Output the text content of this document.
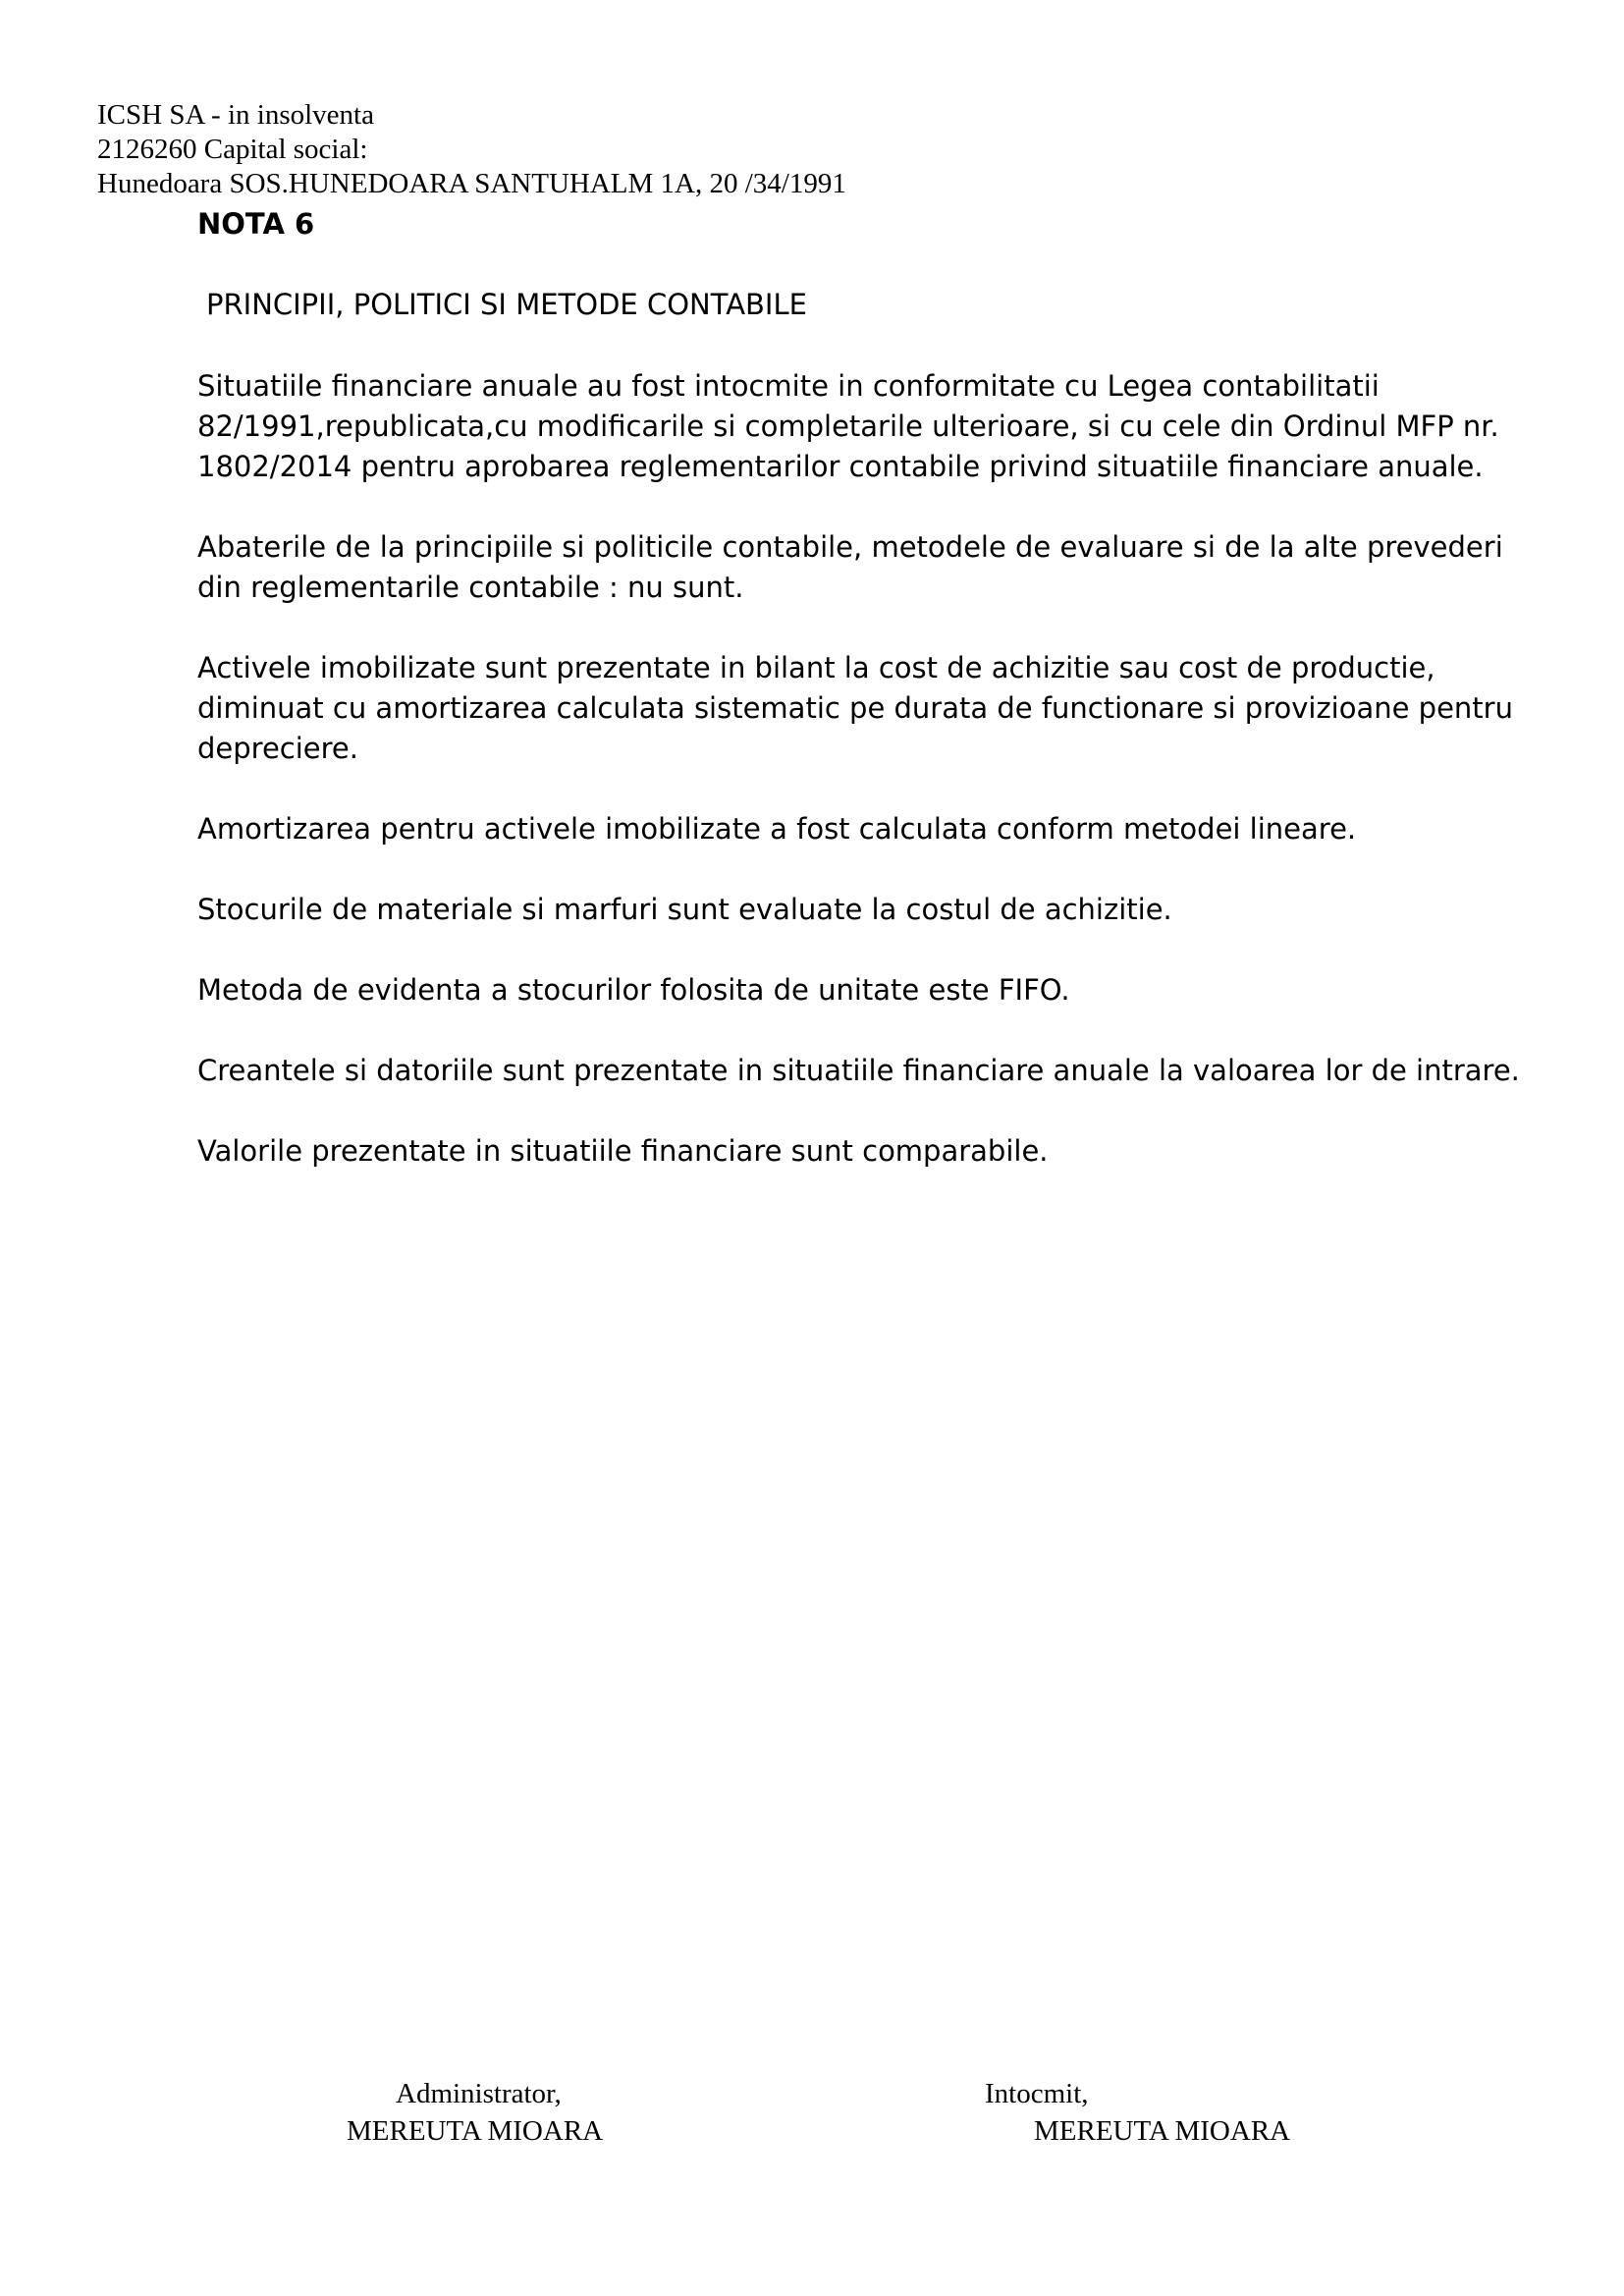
ICSH SA - in insolventa
2126260 Capital social:
Hunedoara SOS.HUNEDOARA SANTUHALM 1A, 20 /34/1991
NOTA 6
PRINCIPII, POLITICI SI METODE CONTABILE
Situatiile financiare anuale au fost intocmite in conformitate cu Legea contabilitatii
82/1991,republicata,cu modificarile si completarile ulterioare, si cu cele din Ordinul MFP nr.
1802/2014 pentru aprobarea reglementarilor contabile privind situatiile financiare anuale.
Abaterile de la principiile si politicile contabile, metodele de evaluare si de la alte prevederi
din reglementarile contabile : nu sunt.
Activele imobilizate sunt prezentate in bilant la cost de achizitie sau cost de productie,
diminuat cu amortizarea calculata sistematic pe durata de functionare si provizioane pentru
depreciere.
Amortizarea pentru activele imobilizate a fost calculata conform metodei lineare.
Stocurile de materiale si marfuri sunt evaluate la costul de achizitie.
Metoda de evidenta a stocurilor folosita de unitate este FIFO.
Creantele si datoriile sunt prezentate in situatiile financiare anuale la valoarea lor de intrare.
Valorile prezentate in situatiile financiare sunt comparabile.
Administrator,
MEREUTA MIOARA
Intocmit,
MEREUTA MIOARA
